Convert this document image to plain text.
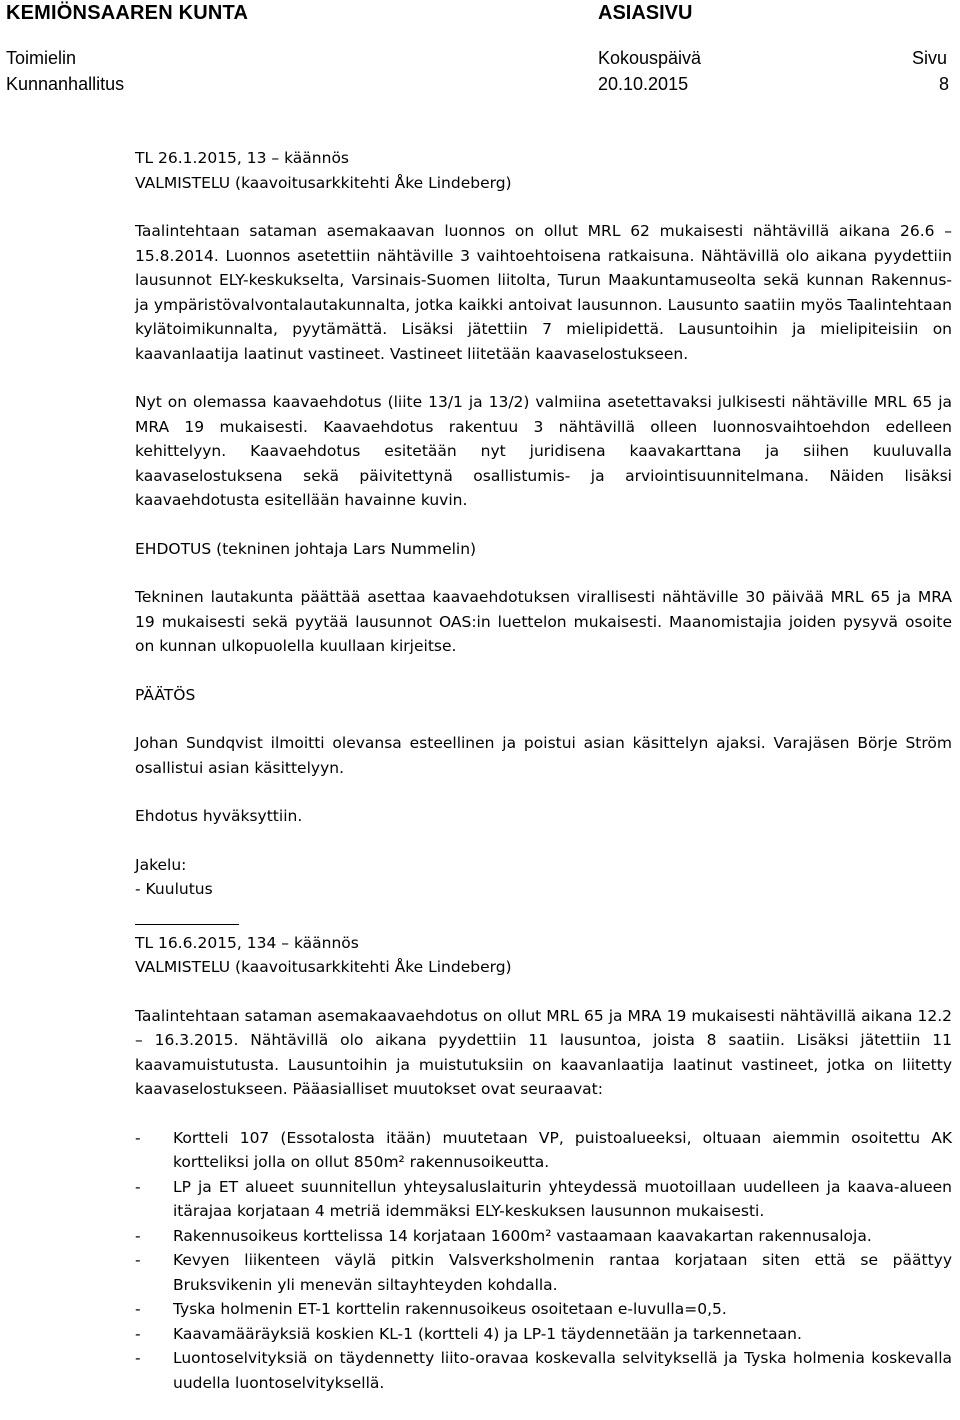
KEMIÖNSAAREN KUNTA	ASIASIVU
Toimielin
Kunnanhallitus
Kokouspäivä
20.10.2015
Sivu
8

TL 26.1.2015, 13 – käännös

VALMISTELU (kaavoitusarkkitehti Åke Lindeberg)

Taalintehtaan sataman asemakaavan luonnos on ollut MRL 62 mukaisesti nähtävillä aikana 26.6 – 15.8.2014. Luonnos asetettiin nähtäville 3 vaihtoehtoisena ratkaisuna. Nähtävillä olo aikana pyydettiin lausunnot ELY-keskukselta, Varsinais-Suomen liitolta, Turun Maakuntamuseolta sekä kunnan Rakennus- ja ympäristövalvontalautakunnalta, jotka kaikki antoivat lausunnon. Lausunto saatiin myös Taalintehtaan kylätoimikunnalta, pyytämättä. Lisäksi jätettiin 7 mielipidettä. Lausuntoihin ja mielipiteisiin on kaavanlaatija laatinut vastineet. Vastineet liitetään kaavaselostukseen.

Nyt on olemassa kaavaehdotus (liite 13/1 ja 13/2) valmiina asetettavaksi julkisesti nähtäville MRL 65 ja MRA 19 mukaisesti. Kaavaehdotus rakentuu 3 nähtävillä olleen luonnosvaihtoehdon edelleen kehittelyyn. Kaavaehdotus esitetään nyt juridisena kaavakarttana ja siihen kuuluvalla kaavaselostuksena sekä päivitettynä osallistumis- ja arviointisuunnitelmana. Näiden lisäksi kaavaehdotusta esitellään havainne kuvin.

EHDOTUS (tekninen johtaja Lars Nummelin)

Tekninen lautakunta päättää asettaa kaavaehdotuksen virallisesti nähtäville 30 päivää MRL 65 ja MRA 19 mukaisesti sekä pyytää lausunnot OAS:in luettelon mukaisesti. Maanomistajia joiden pysyvä osoite on kunnan ulkopuolella kuullaan kirjeitse.

PÄÄTÖS

Johan Sundqvist ilmoitti olevansa esteellinen ja poistui asian käsittelyn ajaksi. Varajäsen Börje Ström osallistui asian käsittelyyn.

Ehdotus hyväksyttiin.

Jakelu:

- Kuulutus

TL 16.6.2015, 134 – käännös

VALMISTELU (kaavoitusarkkitehti Åke Lindeberg)

Taalintehtaan sataman asemakaavaehdotus on ollut MRL 65 ja MRA 19 mukaisesti nähtävillä aikana 12.2 – 16.3.2015. Nähtävillä olo aikana pyydettiin 11 lausuntoa, joista 8 saatiin. Lisäksi jätettiin 11 kaavamuistutusta. Lausuntoihin ja muistutuksiin on kaavanlaatija laatinut vastineet, jotka on liitetty kaavaselostukseen. Pääasialliset muutokset ovat seuraavat:

- Kortteli 107 (Essotalosta itään) muutetaan VP, puistoalueeksi, oltuaan aiemmin osoitettu AK kortteliksi jolla on ollut 850m² rakennusoikeutta.
- LP ja ET alueet suunnitellun yhteysaluslaiturin yhteydessä muotoillaan uudelleen ja kaava-alueen itärajaa korjataan 4 metriä idemmäksi ELY-keskuksen lausunnon mukaisesti.
- Rakennusoikeus korttelissa 14 korjataan 1600m² vastaamaan kaavakartan rakennusaloja.
- Kevyen liikenteen väylä pitkin Valsverksholmenin rantaa korjataan siten että se päättyy Bruksvikenin yli menevän siltayhteyden kohdalla.
- Tyska holmenin ET-1 korttelin rakennusoikeus osoitetaan e-luvulla=0,5.
- Kaavamääräyksiä koskien KL-1 (kortteli 4) ja LP-1 täydennetään ja tarkennetaan.
- Luontoselvityksiä on täydennetty liito-oravaa koskevalla selvityksellä ja Tyska holmenia koskevalla uudella luontoselvityksellä.
